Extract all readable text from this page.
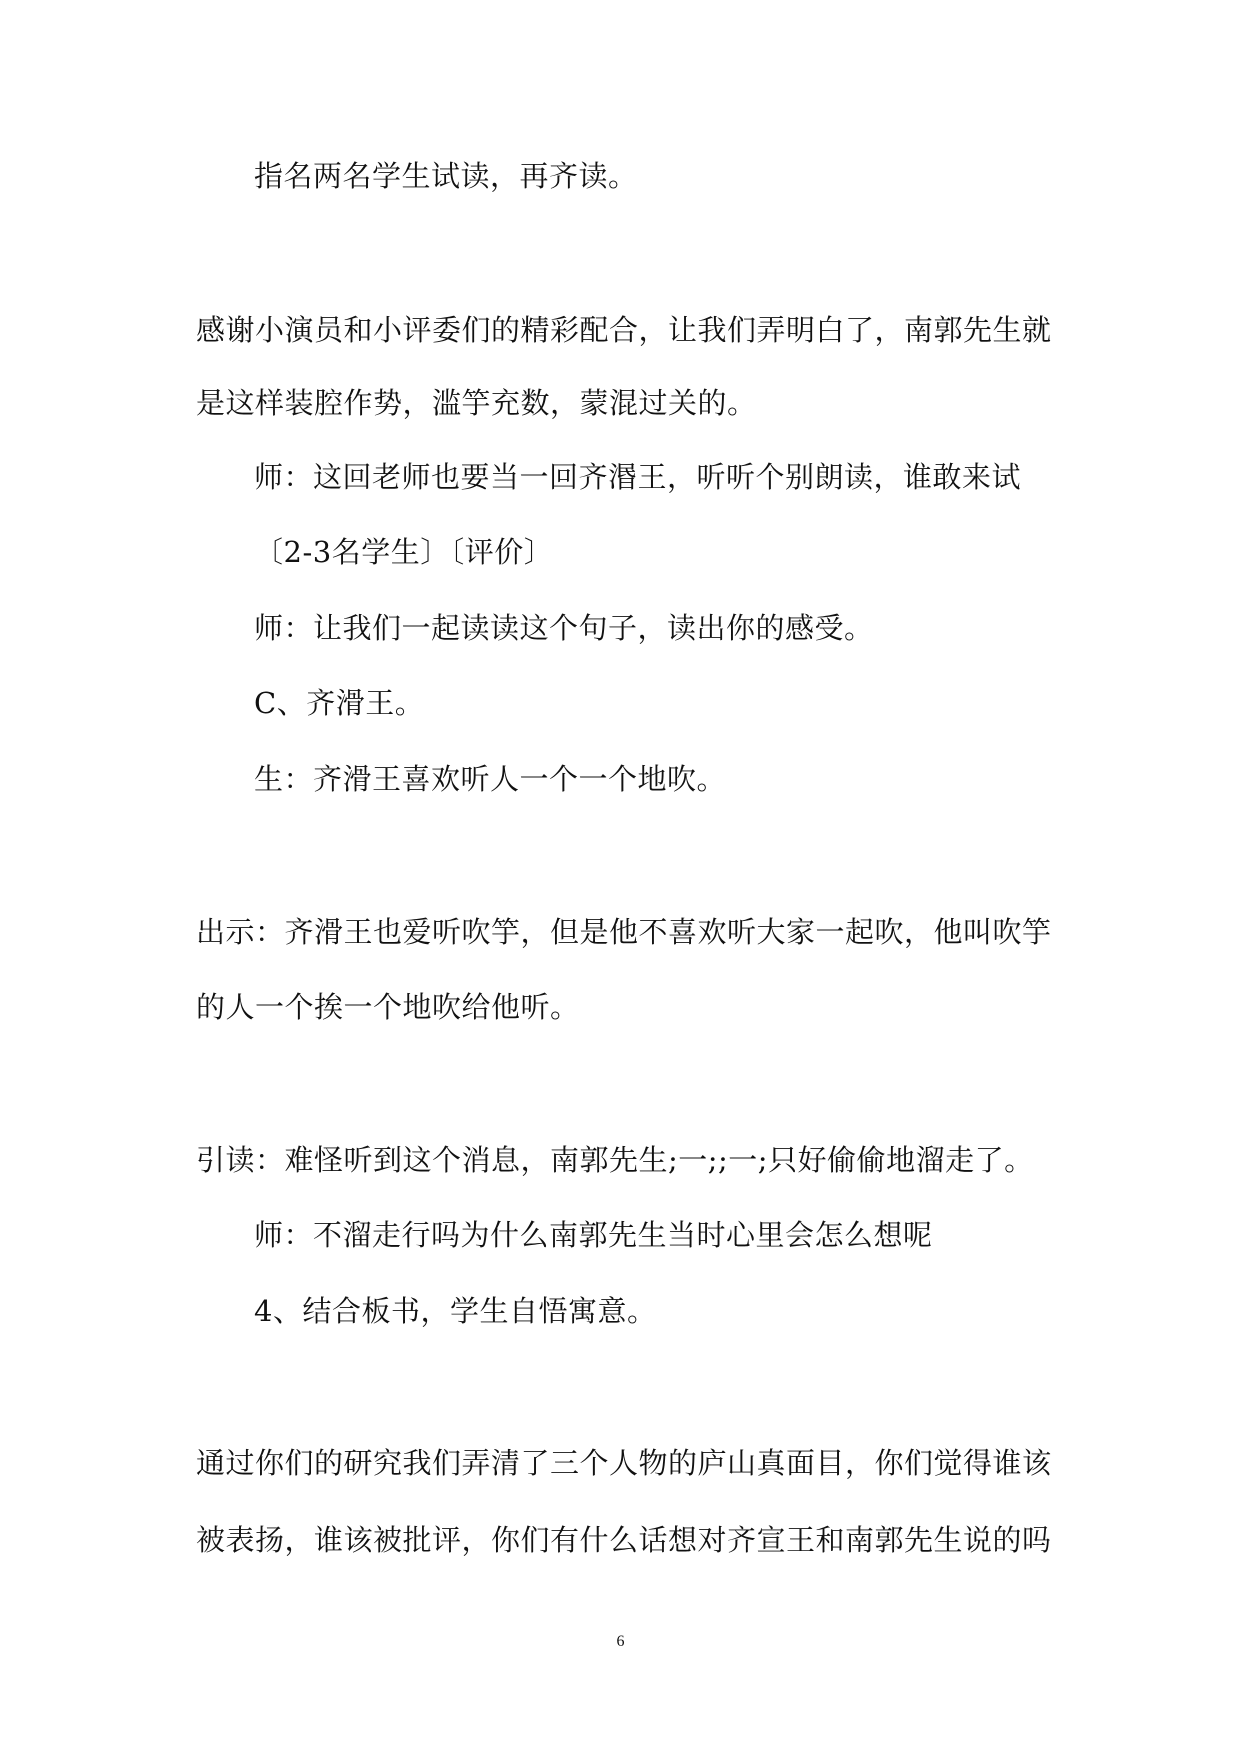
指名两名学生试读，再齐读。
感谢小演员和小评委们的精彩配合，让我们弄明白了，南郭先生就
是这样装腔作势，滥竽充数，蒙混过关的。
师：这回老师也要当一回齐湣王，听听个别朗读，谁敢来试
〔2-3名学生〕〔评价〕
师：让我们一起读读这个句子，读出你的感受。
C、齐滑王。
生：齐滑王喜欢听人一个一个地吹。
出示：齐滑王也爱听吹竽，但是他不喜欢听大家一起吹，他叫吹竽
的人一个挨一个地吹给他听。
引读：难怪听到这个消息，南郭先生;一;;一;只好偷偷地溜走了。
师：不溜走行吗为什么南郭先生当时心里会怎么想呢
4、结合板书，学生自悟寓意。
通过你们的研究我们弄清了三个人物的庐山真面目，你们觉得谁该
被表扬，谁该被批评，你们有什么话想对齐宣王和南郭先生说的吗
6
